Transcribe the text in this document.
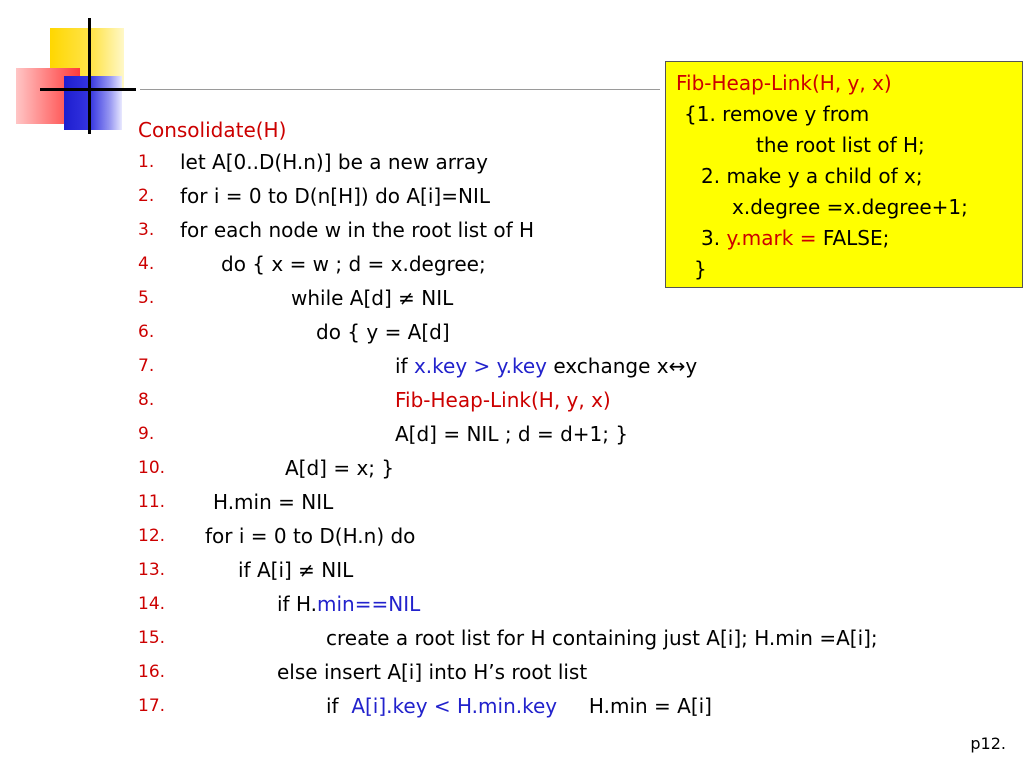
Consolidate(H)
1. let A[0..D(H.n)] be a new array
2. for i = 0 to D(n[H]) do A[i]=NIL
3. for each node w in the root list of H
4.	do { x = w ; d = x.degree;
5.	while A[d] ≠ NIL
6.	do { y = A[d]
7.	if x.key > y.key exchange x↔y
8.	Fib-Heap-Link(H, y, x)
9.	A[d] = NIL ; d = d+1; }
10.	A[d] = x; }
11. H.min = NIL
12. for i = 0 to D(H.n) do
13.	if A[i] ≠ NIL
14.	if H.min==NIL
15.	create a root list for H containing just A[i]; H.min =A[i];
16.	else insert A[i] into H’s root list
17.	if  A[i].key < H.min.key     H.min = A[i]
Fib-Heap-Link(H, y, x)
{1. remove y from
the root list of H;
2. make y a child of x;
x.degree =x.degree+1;
3. y.mark = FALSE;
}
p12.
